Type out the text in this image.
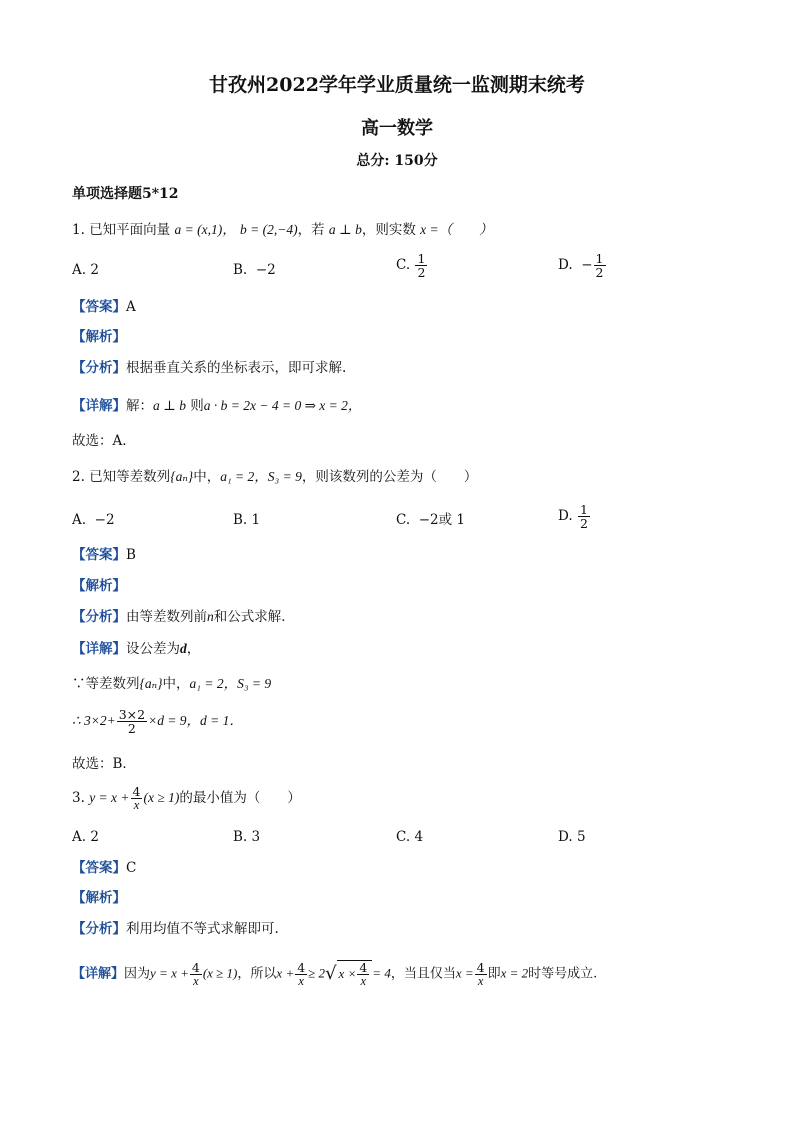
甘孜州2022学年学业质量统一监测期末统考
高一数学
总分: 150分
单项选择题5*12
1. 已知平面向量 a = (x,1)， b = (2,−4)，若 a ⊥ b，则实数 x =（　　）
A. 2	B. −2	C. $\frac{1}{2}$	D. − $\frac{1}{2}$
【答案】A
【解析】
【分析】根据垂直关系的坐标表示，即可求解.
【详解】解：a ⊥ b 则a · b = 2x − 4 = 0 ⇒ x = 2，
故选：A.
2. 已知等差数列{aₙ}中，a₁ = 2，S₃ = 9，则该数列的公差为（　　）
A. −2	B. 1	C. −2或 1	D. $\frac{1}{2}$
【答案】B
【解析】
【分析】由等差数列前n和公式求解．
【详解】设公差为d，
∵等差数列{aₙ}中，a₁ = 2，S₃ = 9
∴ $3\times 2+ \frac{3\times 2}{2} \times d = 9$，d = 1．
故选：B．
3. $y = x + \frac{4}{x} (x \ge 1)$的最小值为（　　）
A. 2	B. 3	C. 4	D. 5
【答案】C
【解析】
【分析】利用均值不等式求解即可.
【详解】因为$y = x + \frac{4}{x} (x \ge 1)$，所以$x + \frac{4}{x} \ge 2√$ $x \times \frac{4}{x} = 4$，当且仅当$x = \frac{4}{x}$ 即x = 2时等号成立.
